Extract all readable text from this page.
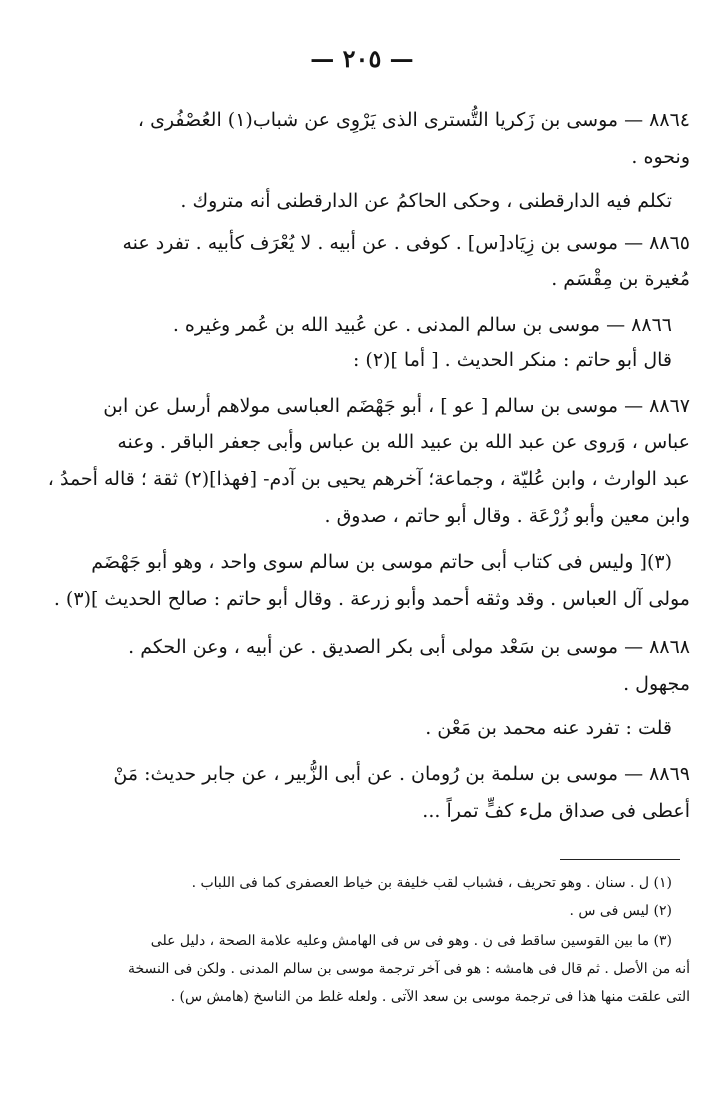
— ٢٠٥ —
٨٨٦٤ — موسى بن زَكريا التُّسترى الذى يَرْوِى عن شباب(١) العُصْفُرى ،
ونحوه .
تكلم فيه الدارقطنى ، وحكى الحاكمُ عن الدارقطنى أنه متروك .
٨٨٦٥ — موسى بن زِيَاد[س] . كوفى . عن أبيه . لا يُعْرَف كأبيه . تفرد عنه
مُغيرة بن مِقْسَم .
٨٨٦٦ — موسى بن سالم المدنى . عن عُبيد الله بن عُمر وغيره .
قال أبو حاتم : منكر الحديث . [ أما ](٢) :
٨٨٦٧ — موسى بن سالم [ عو ] ، أبو جَهْضَم العباسى مولاهم أرسل عن ابن
عباس ، وَروى عن عبد الله بن عبيد الله بن عباس وأبى جعفر الباقر . وعنه
عبد الوارث ، وابن عُليّة ، وجماعة؛ آخرهم يحيى بن آدم- [فهذا](٢) ثقة ؛ قاله أحمدُ ،
وابن معين وأبو زُرْعَة . وقال أبو حاتم ، صدوق .
(٣)[ وليس فى كتاب أبى حاتم موسى بن سالم سوى واحد ، وهو أبو جَهْضَم
مولى آل العباس . وقد وثقه أحمد وأبو زرعة . وقال أبو حاتم : صالح الحديث ](٣) .
٨٨٦٨ — موسى بن سَعْد مولى أبى بكر الصديق . عن أبيه ، وعن الحكم .
مجهول .
قلت : تفرد عنه محمد بن مَعْن .
٨٨٦٩ — موسى بن سلمة بن رُومان . عن أبى الزُّبير ، عن جابر حديث: مَنْ
أعطى فى صداق ملء كفٍّ تمراً ...
(١) ل . سنان . وهو تحريف ، فشباب لقب خليفة بن خياط العصفرى كما فى اللباب .
(٢) ليس فى س .
(٣) ما بين القوسين ساقط فى ن . وهو فى س فى الهامش وعليه علامة الصحة ، دليل على
أنه من الأصل . ثم قال فى هامشه : هو فى آخر ترجمة موسى بن سالم المدنى . ولكن فى النسخة
التى علقت منها هذا فى ترجمة موسى بن سعد الآتى . ولعله غلط من الناسخ (هامش س) .
